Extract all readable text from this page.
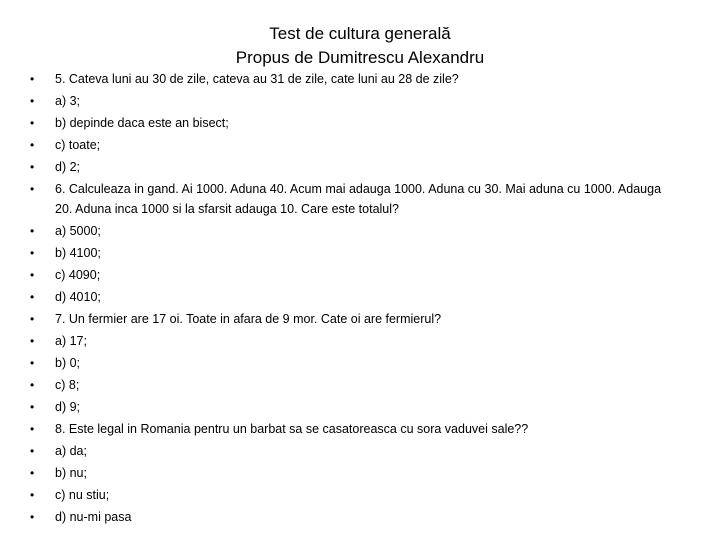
Test de cultura generală
Propus de Dumitrescu Alexandru
• 5. Cateva luni au 30 de zile, cateva au 31 de zile, cate luni au 28 de zile?
• a) 3;
• b) depinde daca este an bisect;
• c) toate;
• d) 2;
• 6. Calculeaza in gand. Ai 1000. Aduna 40. Acum mai adauga 1000. Aduna cu 30. Mai aduna cu 1000. Adauga 20. Aduna inca 1000 si la sfarsit adauga 10. Care este totalul?
• a) 5000;
• b) 4100;
• c) 4090;
• d) 4010;
• 7. Un fermier are 17 oi. Toate in afara de 9 mor. Cate oi are fermierul?
• a) 17;
• b) 0;
• c) 8;
• d) 9;
• 8. Este legal in Romania pentru un barbat sa se casatoreasca cu sora vaduvei sale??
• a) da;
• b) nu;
• c) nu stiu;
• d) nu-mi pasa
